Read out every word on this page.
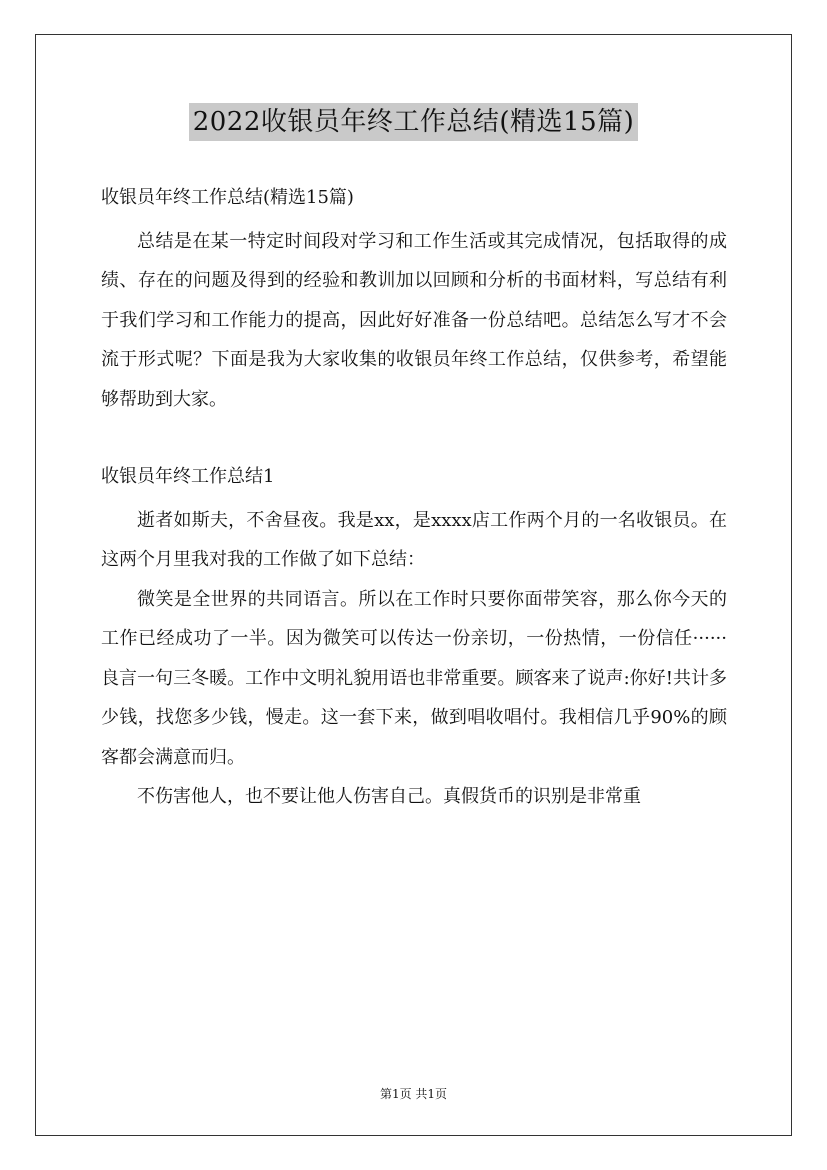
2022收银员年终工作总结(精选15篇)

收银员年终工作总结(精选15篇)

总结是在某一特定时间段对学习和工作生活或其完成情况，包括取得的成绩、存在的问题及得到的经验和教训加以回顾和分析的书面材料，写总结有利于我们学习和工作能力的提高，因此好好准备一份总结吧。总结怎么写才不会流于形式呢？下面是我为大家收集的收银员年终工作总结，仅供参考，希望能够帮助到大家。

收银员年终工作总结1

逝者如斯夫，不舍昼夜。我是xx，是xxxx店工作两个月的一名收银员。在这两个月里我对我的工作做了如下总结：

微笑是全世界的共同语言。所以在工作时只要你面带笑容，那么你今天的工作已经成功了一半。因为微笑可以传达一份亲切，一份热情，一份信任······良言一句三冬暖。工作中文明礼貌用语也非常重要。顾客来了说声:你好!共计多少钱，找您多少钱，慢走。这一套下来，做到唱收唱付。我相信几乎90%的顾客都会满意而归。

不伤害他人，也不要让他人伤害自己。真假货币的识别是非常重

第1页 共1页
